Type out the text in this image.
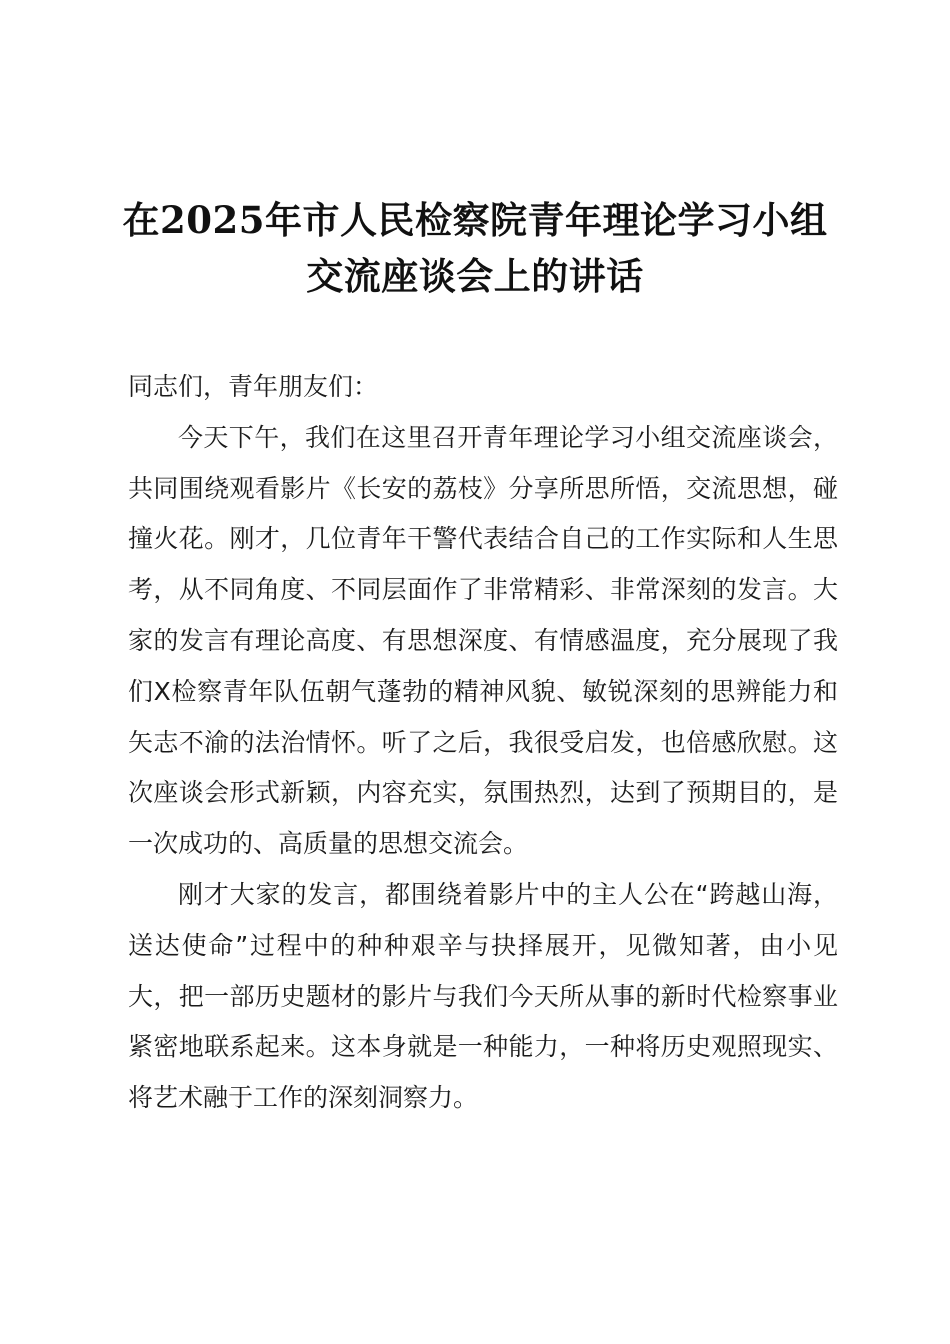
在2025年市人民检察院青年理论学习小组交流座谈会上的讲话

同志们，青年朋友们：

今天下午，我们在这里召开青年理论学习小组交流座谈会，共同围绕观看影片《长安的荔枝》分享所思所悟，交流思想，碰撞火花。刚才，几位青年干警代表结合自己的工作实际和人生思考，从不同角度、不同层面作了非常精彩、非常深刻的发言。大家的发言有理论高度、有思想深度、有情感温度，充分展现了我们X检察青年队伍朝气蓬勃的精神风貌、敏锐深刻的思辨能力和矢志不渝的法治情怀。听了之后，我很受启发，也倍感欣慰。这次座谈会形式新颖，内容充实，氛围热烈，达到了预期目的，是一次成功的、高质量的思想交流会。

刚才大家的发言，都围绕着影片中的主人公在“跨越山海，送达使命”过程中的种种艰辛与抉择展开，见微知著，由小见大，把一部历史题材的影片与我们今天所从事的新时代检察事业紧密地联系起来。这本身就是一种能力，一种将历史观照现实、将艺术融于工作的深刻洞察力。
